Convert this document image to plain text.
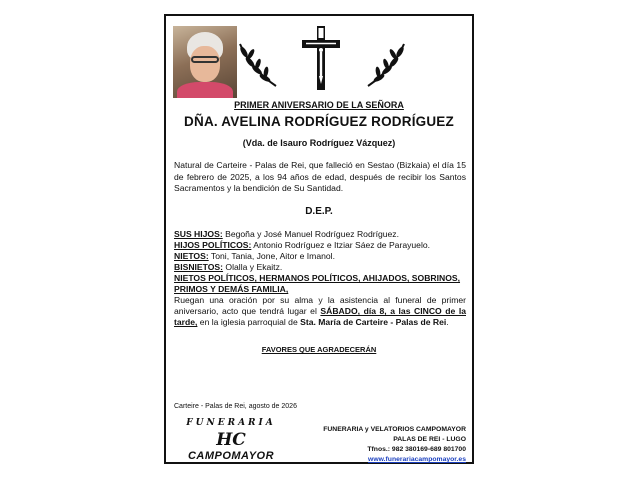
PRIMER ANIVERSARIO DE LA SEÑORA
DÑA. AVELINA RODRÍGUEZ RODRÍGUEZ
(Vda. de Isauro Rodríguez Vázquez)
Natural de Carteire - Palas de Rei, que falleció en Sestao (Bizkaia) el día 15 de febrero de 2025, a los 94 años de edad, después de recibir los Santos Sacramentos y la bendición de Su Santidad.
D.E.P.
SUS HIJOS: Begoña y José Manuel Rodríguez Rodríguez.
HIJOS POLÍTICOS: Antonio Rodríguez e Itziar Sáez de Parayuelo.
NIETOS: Toni, Tania, Jone, Aitor e Imanol.
BISNIETOS: Olalla y Ekaitz.
NIETOS POLÍTICOS, HERMANOS POLÍTICOS, AHIJADOS, SOBRINOS,
PRIMOS Y DEMÁS FAMILIA,
Ruegan una oración por su alma y la asistencia al funeral de primer aniversario, acto que tendrá lugar el SÁBADO, día 8, a las CINCO de la tarde, en la iglesia parroquial de Sta. María de Carteire - Palas de Rei.
FAVORES QUE AGRADECERÁN
Carteire - Palas de Rei, agosto de 2026
FUNERARIA
HC
CAMPOMAYOR
FUNERARIA y VELATORIOS CAMPOMAYOR
PALAS DE REI - LUGO
Tfnos.: 982 380169-689 801700
www.funerariacampomayor.es
